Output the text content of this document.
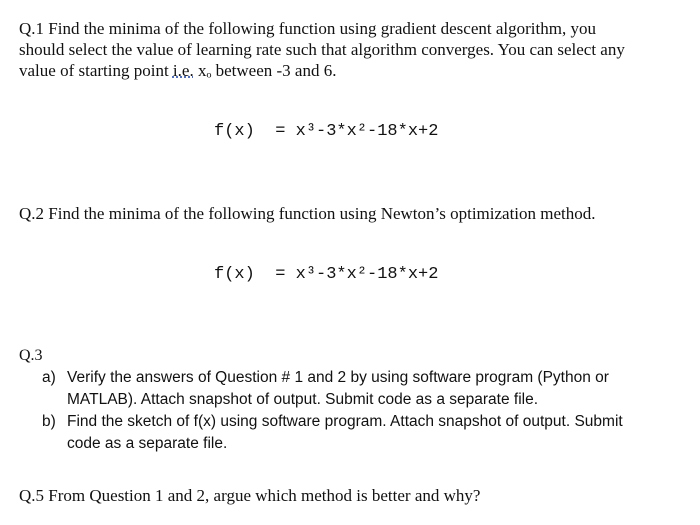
Q.1 Find the minima of the following function using gradient descent algorithm, you
should select the value of learning rate such that algorithm converges. You can select any
value of starting point i.e. xₒ between -3 and 6.
f(x)  = x³-3*x²-18*x+2
Q.2 Find the minima of the following function using Newton’s optimization method.
f(x)  = x³-3*x²-18*x+2
Q.3
a) Verify the answers of Question # 1 and 2 by using software program (Python or
MATLAB). Attach snapshot of output. Submit code as a separate file.
b) Find the sketch of f(x) using software program. Attach snapshot of output. Submit
code as a separate file.
Q.5 From Question 1 and 2, argue which method is better and why?
